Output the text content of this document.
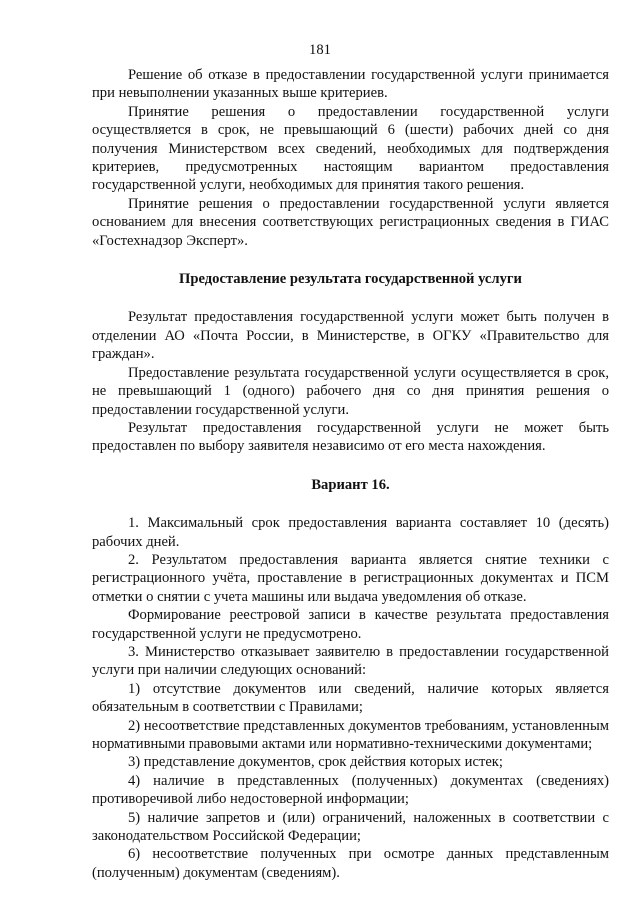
181

Решение об отказе в предоставлении государственной услуги принимается при невыполнении указанных выше критериев.

Принятие решения о предоставлении государственной услуги осуществляется в срок, не превышающий 6 (шести) рабочих дней со дня получения Министерством всех сведений, необходимых для подтверждения критериев, предусмотренных настоящим вариантом предоставления государственной услуги, необходимых для принятия такого решения.

Принятие решения о предоставлении государственной услуги является основанием для внесения соответствующих регистрационных сведения в ГИАС «Гостехнадзор Эксперт».

Предоставление результата государственной услуги

Результат предоставления государственной услуги может быть получен в отделении АО «Почта России, в Министерстве, в ОГКУ «Правительство для граждан».

Предоставление результата государственной услуги осуществляется в срок, не превышающий 1 (одного) рабочего дня со дня принятия решения о предоставлении государственной услуги.

Результат предоставления государственной услуги не может быть предоставлен по выбору заявителя независимо от его места нахождения.

Вариант 16.

1. Максимальный срок предоставления варианта составляет 10 (десять) рабочих дней.

2. Результатом предоставления варианта является снятие техники с регистрационного учёта, проставление в регистрационных документах и ПСМ отметки о снятии с учета машины или выдача уведомления об отказе.

Формирование реестровой записи в качестве результата предоставления государственной услуги не предусмотрено.

3. Министерство отказывает заявителю в предоставлении государственной услуги при наличии следующих оснований:

1) отсутствие документов или сведений, наличие которых является обязательным в соответствии с Правилами;

2) несоответствие представленных документов требованиям, установленным нормативными правовыми актами или нормативно-техническими документами;

3) представление документов, срок действия которых истек;

4) наличие в представленных (полученных) документах (сведениях) противоречивой либо недостоверной информации;

5) наличие запретов и (или) ограничений, наложенных в соответствии с законодательством Российской Федерации;

6) несоответствие полученных при осмотре данных представленным (полученным) документам (сведениям).
